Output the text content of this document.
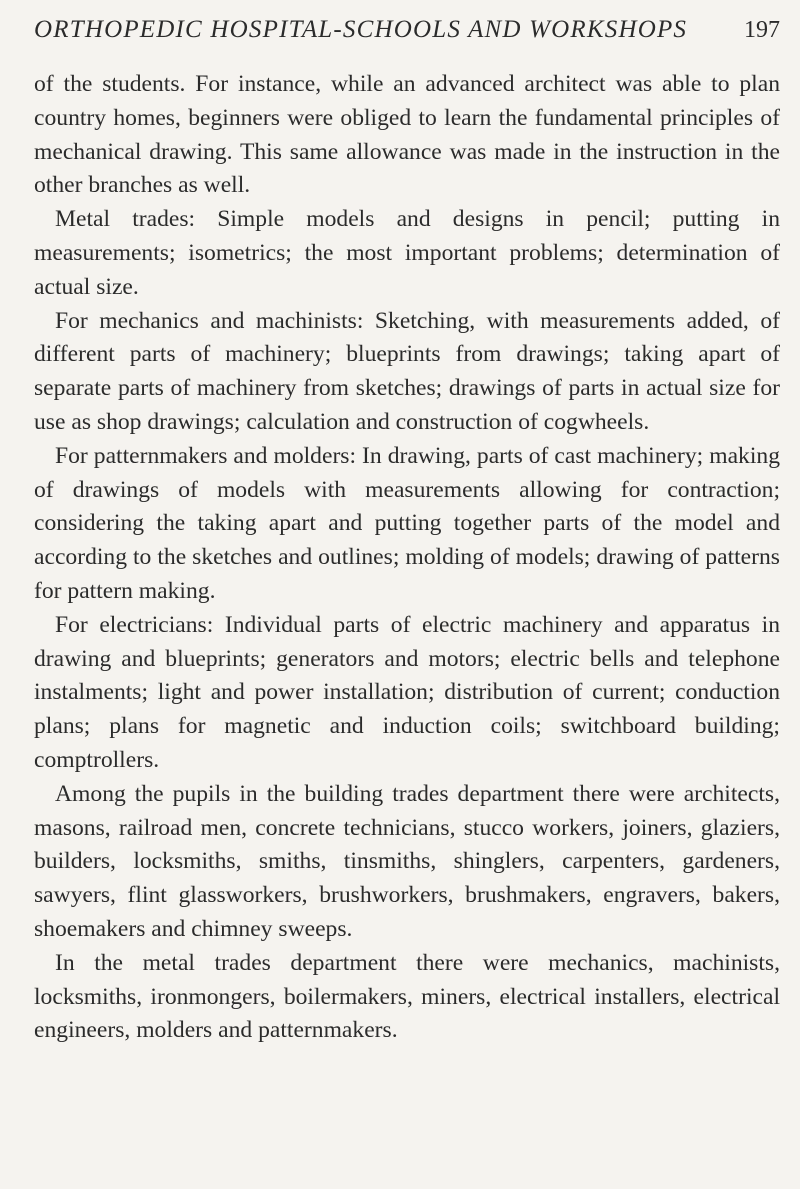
ORTHOPEDIC HOSPITAL-SCHOOLS AND WORKSHOPS 197

of the students. For instance, while an advanced architect was able to plan country homes, beginners were obliged to learn the fundamental principles of mechanical drawing. This same allowance was made in the instruction in the other branches as well.

Metal trades: Simple models and designs in pencil; putting in measurements; isometrics; the most important problems; determination of actual size.

For mechanics and machinists: Sketching, with measurements added, of different parts of machinery; blueprints from drawings; taking apart of separate parts of machinery from sketches; drawings of parts in actual size for use as shop drawings; calculation and construction of cogwheels.

For patternmakers and molders: In drawing, parts of cast machinery; making of drawings of models with measurements allowing for contraction; considering the taking apart and putting together parts of the model and according to the sketches and outlines; molding of models; drawing of patterns for pattern making.

For electricians: Individual parts of electric machinery and apparatus in drawing and blueprints; generators and motors; electric bells and telephone instalments; light and power installation; distribution of current; conduction plans; plans for magnetic and induction coils; switchboard building; comptrollers.

Among the pupils in the building trades department there were architects, masons, railroad men, concrete technicians, stucco workers, joiners, glaziers, builders, locksmiths, smiths, tinsmiths, shinglers, carpenters, gardeners, sawyers, flint glassworkers, brushworkers, brushmakers, engravers, bakers, shoemakers and chimney sweeps.

In the metal trades department there were mechanics, machinists, locksmiths, ironmongers, boilermakers, miners, electrical installers, electrical engineers, molders and patternmakers.
